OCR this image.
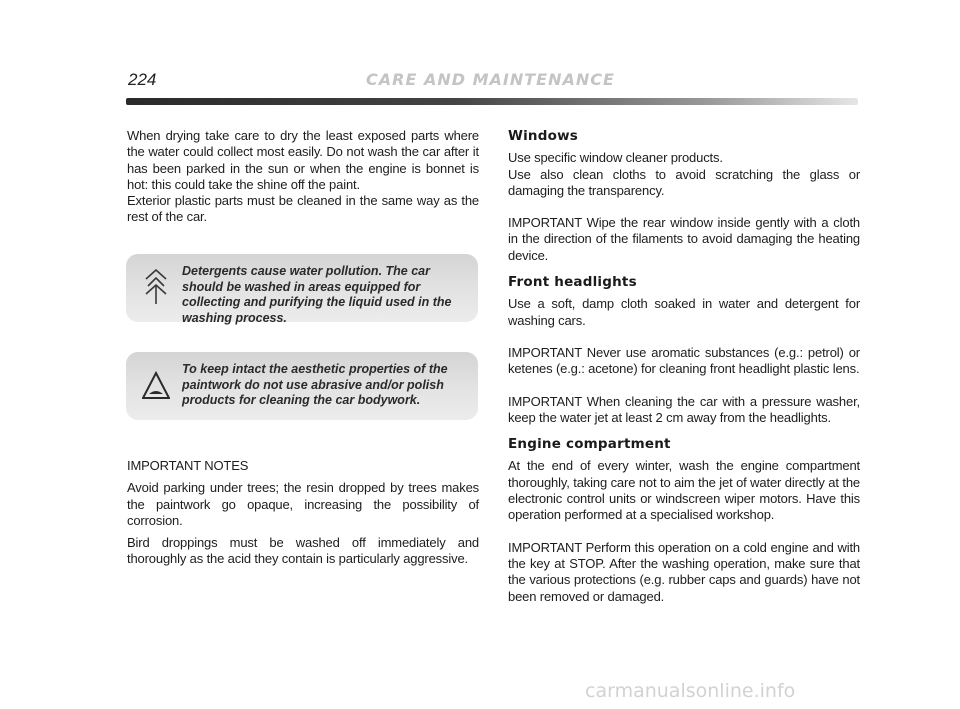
224	CARE AND MAINTENANCE

When drying take care to dry the least exposed parts where the water could collect most easily. Do not wash the car after it has been parked in the sun or when the engine is bonnet is hot: this could take the shine off the paint.

Exterior plastic parts must be cleaned in the same way as the rest of the car.

Detergents cause water pollution. The car should be washed in areas equipped for collecting and purifying the liquid used in the washing process.
To keep intact the aesthetic properties of the paintwork do not use abrasive and/or polish products for cleaning the car bodywork.

IMPORTANT NOTES

Avoid parking under trees; the resin dropped by trees makes the paintwork go opaque, increasing the possibility of corrosion.

Bird droppings must be washed off immediately and thoroughly as the acid they contain is particularly aggressive.

Windows

Use specific window cleaner products.

Use also clean cloths to avoid scratching the glass or damaging the transparency.

IMPORTANT Wipe the rear window inside gently with a cloth in the direction of the filaments to avoid damaging the heating device.

Front headlights

Use a soft, damp cloth soaked in water and detergent for washing cars.

IMPORTANT Never use aromatic substances (e.g.: petrol) or ketenes (e.g.: acetone) for cleaning front headlight plastic lens.

IMPORTANT When cleaning the car with a pressure washer, keep the water jet at least 2 cm away from the headlights.

Engine compartment

At the end of every winter, wash the engine compartment thoroughly, taking care not to aim the jet of water directly at the electronic control units or windscreen wiper motors. Have this operation performed at a specialised workshop.

IMPORTANT Perform this operation on a cold engine and with the key at STOP. After the washing operation, make sure that the various protections (e.g. rubber caps and guards) have not been removed or damaged.

carmanualsonline.info
